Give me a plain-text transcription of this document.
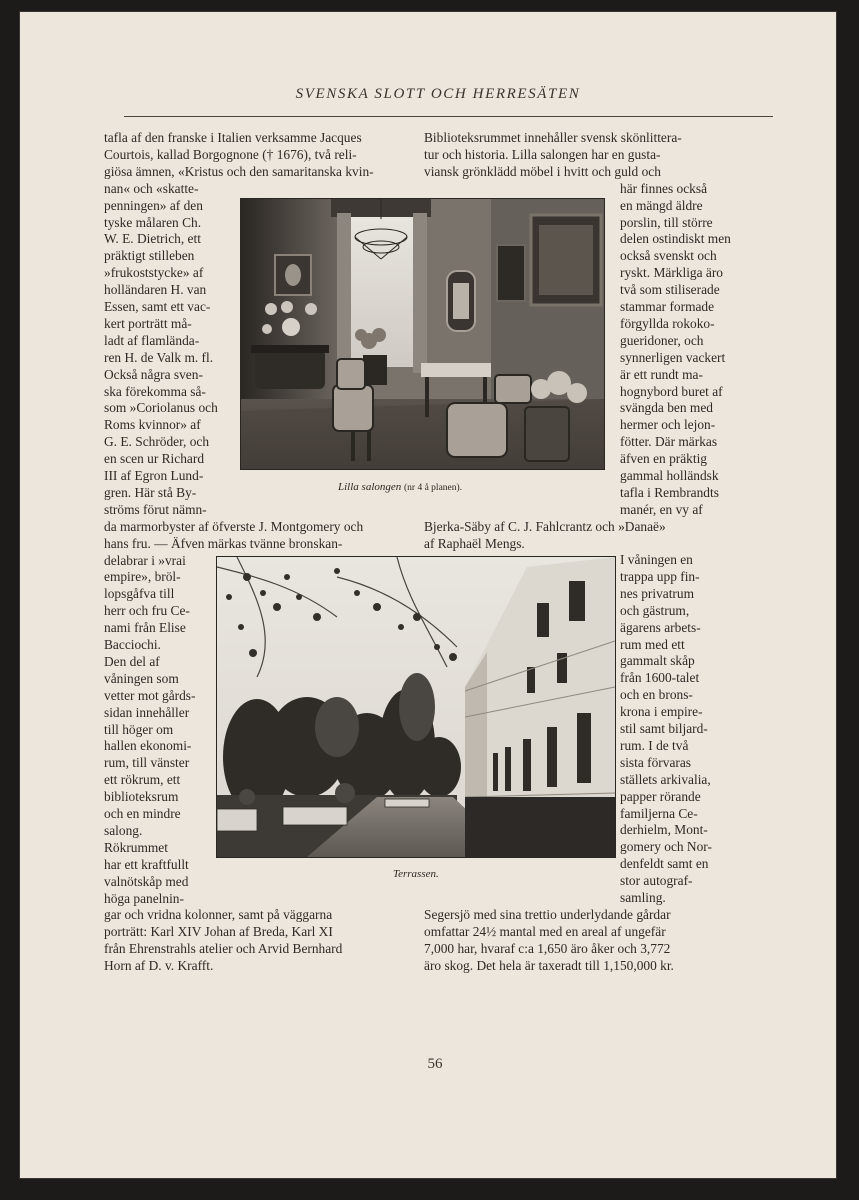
SVENSKA SLOTT OCH HERRESÄTEN
tafla af den franske i Italien verksamme Jacques
Courtois, kallad Borgognone († 1676), två reli-
giösa ämnen, «Kristus och den samaritanska kvin-
nan« och «skatte-
penningen» af den
tyske målaren Ch.
W. E. Dietrich, ett
präktigt stilleben
»frukoststycke» af
holländaren H. van
Essen, samt ett vac-
kert porträtt må-
ladt af flamlända-
ren H. de Valk m. fl.
Också några sven-
ska förekomma så-
som »Coriolanus och
Roms kvinnor» af
G. E. Schröder, och
en scen ur Richard
III af Egron Lund-
gren. Här stå By-
ströms förut nämn-
da marmorbyster af öfverste J. Montgomery och
hans fru. — Äfven märkas tvänne bronskan-
delabrar i »vrai
empire», bröl-
lopsgåfva till
herr och fru Ce-
nami från Elise
Bacciochi.
Den del af
våningen som
vetter mot gårds-
sidan innehåller
till höger om
hallen ekonomi-
rum, till vänster
ett rökrum, ett
biblioteksrum
och en mindre
salong.
Rökrummet
har ett kraftfullt
valnötskåp med
höga panelnin-
gar och vridna kolonner, samt på väggarna
porträtt: Karl XIV Johan af Breda, Karl XI
från Ehrenstrahls atelier och Arvid Bernhard
Horn af D. v. Krafft.
Biblioteksrummet innehåller svensk skönlittera-
tur och historia. Lilla salongen har en gusta-
viansk grönklädd möbel i hvitt och guld och
här finnes också
en mängd äldre
porslin, till större
delen ostindiskt men
också svenskt och
ryskt. Märkliga äro
två som stiliserade
stammar formade
förgyllda rokoko-
gueridoner, och
synnerligen vackert
är ett rundt ma-
hognybord buret af
svängda ben med
hermer och lejon-
fötter. Där märkas
äfven en präktig
gammal holländsk
tafla i Rembrandts
manér, en vy af
Bjerka-Säby af C. J. Fahlcrantz och »Danaë»
af Raphaël Mengs.
I våningen en
trappa upp fin-
nes privatrum
och gästrum,
ägarens arbets-
rum med ett
gammalt skåp
från 1600-talet
och en brons-
krona i empire-
stil samt biljard-
rum. I de två
sista förvaras
ställets arkivalia,
papper rörande
familjerna Ce-
derhielm, Mont-
gomery och Nor-
denfeldt samt en
stor autograf-
samling.
Segersjö med sina trettio underlydande gårdar
omfattar 24½ mantal med en areal af ungefär
7,000 har, hvaraf c:a 1,650 äro åker och 3,772
äro skog. Det hela är taxeradt till 1,150,000 kr.
Lilla salongen (nr 4 å planen).
Terrassen.
56
